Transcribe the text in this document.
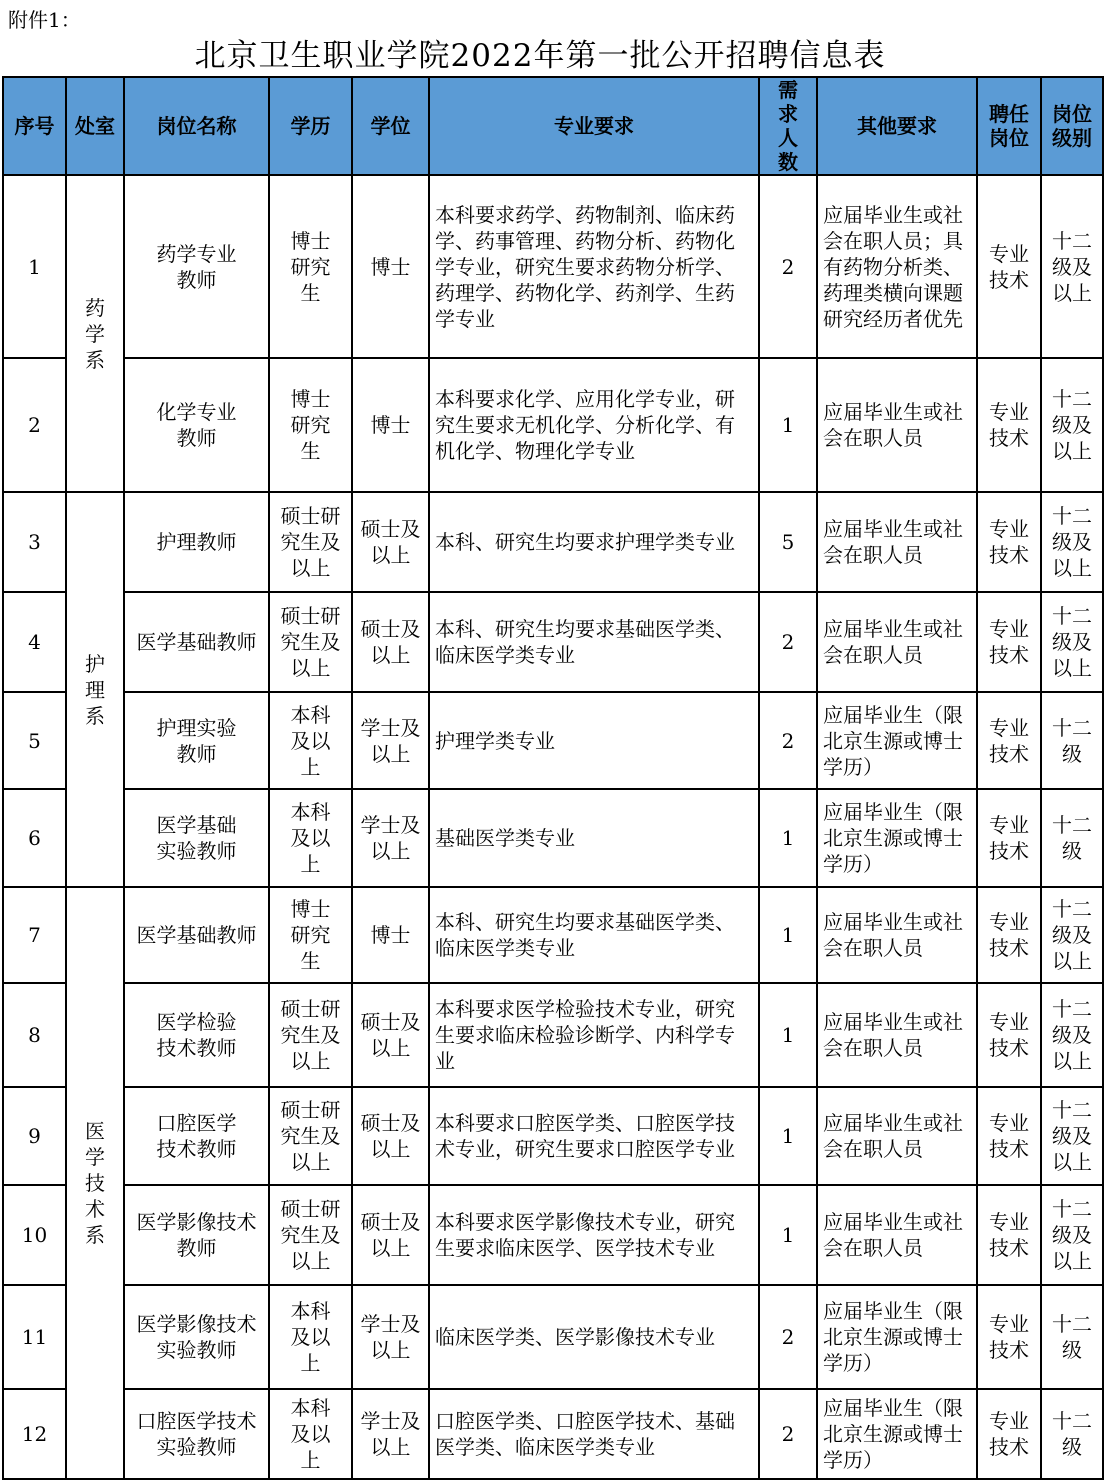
附件1：
北京卫生职业学院2022年第一批公开招聘信息表
序号	处室	岗位名称	学历	学位	专业要求	需求人数	其他要求	聘任岗位	岗位级别
1	药学系	药学专业教师	博士研究生	博士	本科要求药学、药物制剂、临床药学、药事管理、药物分析、药物化学专业，研究生要求药物分析学、药理学、药物化学、药剂学、生药学专业	2	应届毕业生或社会在职人员；具有药物分析类、药理类横向课题研究经历者优先	专业技术	十二级及以上
2		化学专业教师	博士研究生	博士	本科要求化学、应用化学专业，研究生要求无机化学、分析化学、有机化学、物理化学专业	1	应届毕业生或社会在职人员	专业技术	十二级及以上
3	护理系	护理教师	硕士研究生及以上	硕士及以上	本科、研究生均要求护理学类专业	5	应届毕业生或社会在职人员	专业技术	十二级及以上
4		医学基础教师	硕士研究生及以上	硕士及以上	本科、研究生均要求基础医学类、临床医学类专业	2	应届毕业生或社会在职人员	专业技术	十二级及以上
5		护理实验教师	本科及以上	学士及以上	护理学类专业	2	应届毕业生（限北京生源或博士学历）	专业技术	十二级
6		医学基础实验教师	本科及以上	学士及以上	基础医学类专业	1	应届毕业生（限北京生源或博士学历）	专业技术	十二级
7	医学技术系	医学基础教师	博士研究生	博士	本科、研究生均要求基础医学类、临床医学类专业	1	应届毕业生或社会在职人员	专业技术	十二级及以上
8		医学检验技术教师	硕士研究生及以上	硕士及以上	本科要求医学检验技术专业，研究生要求临床检验诊断学、内科学专业	1	应届毕业生或社会在职人员	专业技术	十二级及以上
9		口腔医学技术教师	硕士研究生及以上	硕士及以上	本科要求口腔医学类、口腔医学技术专业，研究生要求口腔医学专业	1	应届毕业生或社会在职人员	专业技术	十二级及以上
10		医学影像技术教师	硕士研究生及以上	硕士及以上	本科要求医学影像技术专业，研究生要求临床医学、医学技术专业	1	应届毕业生或社会在职人员	专业技术	十二级及以上
11		医学影像技术实验教师	本科及以上	学士及以上	临床医学类、医学影像技术专业	2	应届毕业生（限北京生源或博士学历）	专业技术	十二级
12		口腔医学技术实验教师	本科及以上	学士及以上	口腔医学类、口腔医学技术、基础医学类、临床医学类专业	2	应届毕业生（限北京生源或博士学历）	专业技术	十二级
